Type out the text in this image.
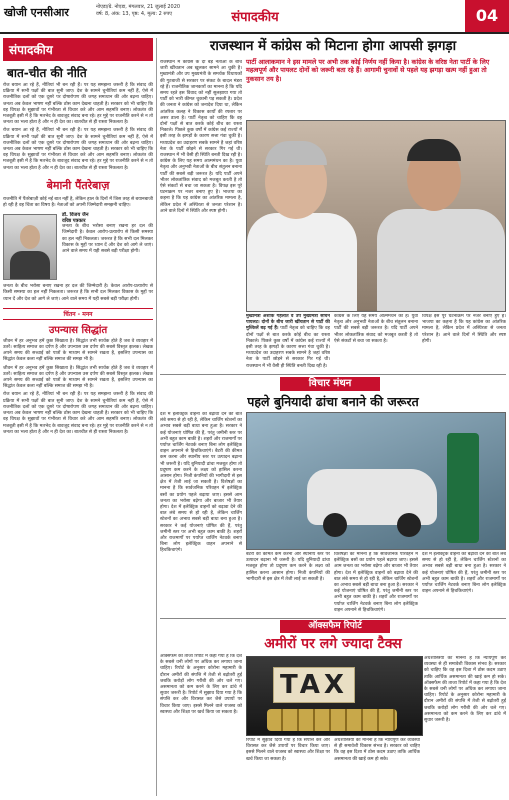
खोजी एनसीआर	नोएडा/ग्रे. नोएडा, मंगलवार, 21 जुलाई 2020
वर्ष: 8, अंक: 13, पृष्ठ: 4, मूल्य: 2 रुपए	संपादकीय	04
संपादकीय
बात-चीत की नीति
रोज बयान आ रहे हैं, नीतियां भी बन रही हैं। पर यह समझना जरूरी है कि संवाद की प्रक्रिया में सभी पक्षों की बात सुनी जाए। देश के सामने चुनौतियां कम नहीं हैं, ऐसे में राजनीतिक दलों को एक दूसरे पर दोषारोपण की जगह समाधान की ओर बढ़ना चाहिए। जनता अब केवल भाषण नहीं बल्कि ठोस काम देखना चाहती है। सरकार को भी चाहिए कि वह विपक्ष के सुझावों पर गंभीरता से विचार करे और आम सहमति बनाए। लोकतंत्र की मजबूती इसी में है कि मतभेद के बावजूद संवाद बना रहे। हर मुद्दे पर राजनीति करने से न तो जनता का भला होता है और न ही देश का। बातचीत से ही रास्ता निकलता है।
रोज बयान आ रहे हैं, नीतियां भी बन रही हैं। पर यह समझना जरूरी है कि संवाद की प्रक्रिया में सभी पक्षों की बात सुनी जाए। देश के सामने चुनौतियां कम नहीं हैं, ऐसे में राजनीतिक दलों को एक दूसरे पर दोषारोपण की जगह समाधान की ओर बढ़ना चाहिए। जनता अब केवल भाषण नहीं बल्कि ठोस काम देखना चाहती है। सरकार को भी चाहिए कि वह विपक्ष के सुझावों पर गंभीरता से विचार करे और आम सहमति बनाए। लोकतंत्र की मजबूती इसी में है कि मतभेद के बावजूद संवाद बना रहे। हर मुद्दे पर राजनीति करने से न तो जनता का भला होता है और न ही देश का। बातचीत से ही रास्ता निकलता है।
बेमानी पैंतरेबाज़
राजनीति में पैंतरेबाज़ी कोई नई बात नहीं है, लेकिन हाल के दिनों में जिस तरह से बयानबाजी हो रही है वह चिंता का विषय है। नेताओं को अपनी जिम्मेदारी समझनी चाहिए।
डॉ. विजय जैन
वरिष्ठ पत्रकार
जनता के बीच भरोसा बनाए रखना हर दल की जिम्मेदारी है। केवल आरोप-प्रत्यारोप से किसी समस्या का हल नहीं निकलता। जरूरत है कि सभी दल मिलकर विकास के मुद्दों पर ध्यान दें और देश को आगे ले जाएं। आने वाले समय में यही सबसे बड़ी परीक्षा होगी।
जनता के बीच भरोसा बनाए रखना हर दल की जिम्मेदारी है। केवल आरोप-प्रत्यारोप से किसी समस्या का हल नहीं निकलता। जरूरत है कि सभी दल मिलकर विकास के मुद्दों पर ध्यान दें और देश को आगे ले जाएं। आने वाले समय में यही सबसे बड़ी परीक्षा होगी।
चिंतन - मनन
उपन्यास सिद्धांत
जीवन में हर अनुभव हमें कुछ सिखाता है। सिद्धांत तभी सार्थक होते हैं जब वे व्यवहार में उतरें। साहित्य समाज का दर्पण है और उपन्यास उस दर्पण की सबसे विस्तृत झलक। लेखक अपने समय की सच्चाई को पात्रों के माध्यम से सामने रखता है, इसलिए उपन्यास का सिद्धांत केवल कला नहीं बल्कि समाज की समझ भी है।
जीवन में हर अनुभव हमें कुछ सिखाता है। सिद्धांत तभी सार्थक होते हैं जब वे व्यवहार में उतरें। साहित्य समाज का दर्पण है और उपन्यास उस दर्पण की सबसे विस्तृत झलक। लेखक अपने समय की सच्चाई को पात्रों के माध्यम से सामने रखता है, इसलिए उपन्यास का सिद्धांत केवल कला नहीं बल्कि समाज की समझ भी है।
रोज बयान आ रहे हैं, नीतियां भी बन रही हैं। पर यह समझना जरूरी है कि संवाद की प्रक्रिया में सभी पक्षों की बात सुनी जाए। देश के सामने चुनौतियां कम नहीं हैं, ऐसे में राजनीतिक दलों को एक दूसरे पर दोषारोपण की जगह समाधान की ओर बढ़ना चाहिए। जनता अब केवल भाषण नहीं बल्कि ठोस काम देखना चाहती है। सरकार को भी चाहिए कि वह विपक्ष के सुझावों पर गंभीरता से विचार करे और आम सहमति बनाए। लोकतंत्र की मजबूती इसी में है कि मतभेद के बावजूद संवाद बना रहे। हर मुद्दे पर राजनीति करने से न तो जनता का भला होता है और न ही देश का। बातचीत से ही रास्ता निकलता है।
राजस्थान में कांग्रेस को मिटाना होगा आपसी झगड़ा
राजस्थान में कांग्रेस के दो बड़े नेताओं के बीच जारी खींचतान अब खुलकर सामने आ चुकी है। मुख्यमंत्री और उप मुख्यमंत्री के समर्थक विधायकों की गुटबाजी से सरकार पर संकट के बादल मंडरा रहे हैं। राजनीतिक जानकारों का मानना है कि यदि समय रहते इस विवाद को नहीं सुलझाया गया तो पार्टी को भारी कीमत चुकानी पड़ सकती है। प्रदेश की जनता ने कांग्रेस को जनादेश दिया था, लेकिन आंतरिक कलह ने विकास कार्यों की रफ्तार पर असर डाला है। पार्टी नेतृत्व को चाहिए कि वह दोनों पक्षों से बात करके कोई बीच का रास्ता निकाले। पिछले कुछ वर्षों में कांग्रेस कई राज्यों में इसी तरह के झगड़ों के कारण सत्ता गंवा चुकी है। मध्यप्रदेश का उदाहरण सबके सामने है जहां वरिष्ठ नेता के पार्टी छोड़ने से सरकार गिर गई थी। राजस्थान में भी वैसी ही स्थिति बनती दिख रही है। कांग्रेस के लिए यह समय आत्ममंथन का है। युवा नेतृत्व और अनुभवी नेताओं के बीच संतुलन बनाना पार्टी की सबसे बड़ी जरूरत है। यदि पार्टी अपने भीतर लोकतांत्रिक संवाद को मजबूत करती है तो ऐसे संकटों से बचा जा सकता है। विपक्ष इस पूरे घटनाक्रम पर नजर बनाए हुए है। भाजपा का कहना है कि यह कांग्रेस का आंतरिक मामला है, लेकिन प्रदेश में अस्थिरता से जनता परेशान है। आने वाले दिनों में स्थिति और स्पष्ट होगी।
पार्टी आलाकमान ने इस मामले पर अभी तक कोई निर्णय नहीं किया है। कांग्रेस के वरिष्ठ नेता पार्टी के लिए महत्वपूर्ण और पायलट दोनों को जरूरी बता रहे हैं। आगामी चुनावों से पहले यह झगड़ा खत्म नहीं हुआ तो नुकसान तय है।
मुख्यमंत्री अशोक गहलोत व उप मुख्यमंत्री सचिन पायलट। दोनों के बीच जारी खींचतान से पार्टी की मुश्किलें बढ़ गई हैं। पार्टी नेतृत्व को चाहिए कि वह दोनों पक्षों से बात करके कोई बीच का रास्ता निकाले। पिछले कुछ वर्षों में कांग्रेस कई राज्यों में इसी तरह के झगड़ों के कारण सत्ता गंवा चुकी है। मध्यप्रदेश का उदाहरण सबके सामने है जहां वरिष्ठ नेता के पार्टी छोड़ने से सरकार गिर गई थी। राजस्थान में भी वैसी ही स्थिति बनती दिख रही है।
कांग्रेस के लिए यह समय आत्ममंथन का है। युवा नेतृत्व और अनुभवी नेताओं के बीच संतुलन बनाना पार्टी की सबसे बड़ी जरूरत है। यदि पार्टी अपने भीतर लोकतांत्रिक संवाद को मजबूत करती है तो ऐसे संकटों से बचा जा सकता है।
विपक्ष इस पूरे घटनाक्रम पर नजर बनाए हुए है। भाजपा का कहना है कि यह कांग्रेस का आंतरिक मामला है, लेकिन प्रदेश में अस्थिरता से जनता परेशान है। आने वाले दिनों में स्थिति और स्पष्ट होगी।
विचार मंथन
पहले बुनियादी ढांचा बनाने की जरूरत
देश में इलेक्ट्रिक वाहनों को बढ़ावा देने की बात लंबे समय से हो रही है, लेकिन चार्जिंग स्टेशनों का अभाव सबसे बड़ी बाधा बना हुआ है। सरकार ने कई योजनाएं घोषित की हैं, परंतु जमीनी स्तर पर अभी बहुत काम बाकी है। शहरों और राजमार्गों पर पर्याप्त चार्जिंग नेटवर्क बनाए बिना लोग इलेक्ट्रिक वाहन अपनाने से हिचकिचाएंगे। बैटरी की कीमत कम करना और स्थानीय स्तर पर उत्पादन बढ़ाना भी जरूरी है। यदि बुनियादी ढांचा मजबूत होगा तो प्रदूषण कम करने के लक्ष्य को हासिल करना आसान होगा। निजी कंपनियों की भागीदारी से इस क्षेत्र में तेजी लाई जा सकती है। विशेषज्ञों का मानना है कि सार्वजनिक परिवहन में इलेक्ट्रिक बसों का प्रयोग पहले बढ़ाया जाए। इससे आम जनता का भरोसा बढ़ेगा और बाजार भी तैयार होगा। देश में इलेक्ट्रिक वाहनों को बढ़ावा देने की बात लंबे समय से हो रही है, लेकिन चार्जिंग स्टेशनों का अभाव सबसे बड़ी बाधा बना हुआ है। सरकार ने कई योजनाएं घोषित की हैं, परंतु जमीनी स्तर पर अभी बहुत काम बाकी है। शहरों और राजमार्गों पर पर्याप्त चार्जिंग नेटवर्क बनाए बिना लोग इलेक्ट्रिक वाहन अपनाने से हिचकिचाएंगे।
बैटरी की कीमत कम करना और स्थानीय स्तर पर उत्पादन बढ़ाना भी जरूरी है। यदि बुनियादी ढांचा मजबूत होगा तो प्रदूषण कम करने के लक्ष्य को हासिल करना आसान होगा। निजी कंपनियों की भागीदारी से इस क्षेत्र में तेजी लाई जा सकती है।
विशेषज्ञों का मानना है कि सार्वजनिक परिवहन में इलेक्ट्रिक बसों का प्रयोग पहले बढ़ाया जाए। इससे आम जनता का भरोसा बढ़ेगा और बाजार भी तैयार होगा। देश में इलेक्ट्रिक वाहनों को बढ़ावा देने की बात लंबे समय से हो रही है, लेकिन चार्जिंग स्टेशनों का अभाव सबसे बड़ी बाधा बना हुआ है। सरकार ने कई योजनाएं घोषित की हैं, परंतु जमीनी स्तर पर अभी बहुत काम बाकी है। शहरों और राजमार्गों पर पर्याप्त चार्जिंग नेटवर्क बनाए बिना लोग इलेक्ट्रिक वाहन अपनाने से हिचकिचाएंगे।
देश में इलेक्ट्रिक वाहनों को बढ़ावा देने की बात लंबे समय से हो रही है, लेकिन चार्जिंग स्टेशनों का अभाव सबसे बड़ी बाधा बना हुआ है। सरकार ने कई योजनाएं घोषित की हैं, परंतु जमीनी स्तर पर अभी बहुत काम बाकी है। शहरों और राजमार्गों पर पर्याप्त चार्जिंग नेटवर्क बनाए बिना लोग इलेक्ट्रिक वाहन अपनाने से हिचकिचाएंगे।
ऑक्सफैम रिपोर्ट
अमीरों पर लगे ज्यादा टैक्स
ऑक्सफैम की ताजा रिपोर्ट में कहा गया है कि देश के सबसे धनी लोगों पर अधिक कर लगाया जाना चाहिए। रिपोर्ट के अनुसार कोरोना महामारी के दौरान अमीरों की संपत्ति में तेजी से बढ़ोतरी हुई जबकि करोड़ों लोग गरीबी की ओर चले गए। असमानता को कम करने के लिए कर ढांचे में सुधार जरूरी है। रिपोर्ट में सुझाव दिया गया है कि संपत्ति कर और विरासत कर जैसे उपायों पर विचार किया जाए। इससे मिलने वाले राजस्व को स्वास्थ्य और शिक्षा पर खर्च किया जा सकता है।
TAX
अर्थशास्त्रियों का मानना है कि न्यायपूर्ण कर व्यवस्था से ही समावेशी विकास संभव है। सरकार को चाहिए कि वह इस दिशा में ठोस कदम उठाए ताकि आर्थिक असमानता की खाई कम हो सके। ऑक्सफैम की ताजा रिपोर्ट में कहा गया है कि देश के सबसे धनी लोगों पर अधिक कर लगाया जाना चाहिए। रिपोर्ट के अनुसार कोरोना महामारी के दौरान अमीरों की संपत्ति में तेजी से बढ़ोतरी हुई जबकि करोड़ों लोग गरीबी की ओर चले गए। असमानता को कम करने के लिए कर ढांचे में सुधार जरूरी है।
रिपोर्ट में सुझाव दिया गया है कि संपत्ति कर और विरासत कर जैसे उपायों पर विचार किया जाए। इससे मिलने वाले राजस्व को स्वास्थ्य और शिक्षा पर खर्च किया जा सकता है।
अर्थशास्त्रियों का मानना है कि न्यायपूर्ण कर व्यवस्था से ही समावेशी विकास संभव है। सरकार को चाहिए कि वह इस दिशा में ठोस कदम उठाए ताकि आर्थिक असमानता की खाई कम हो सके।
